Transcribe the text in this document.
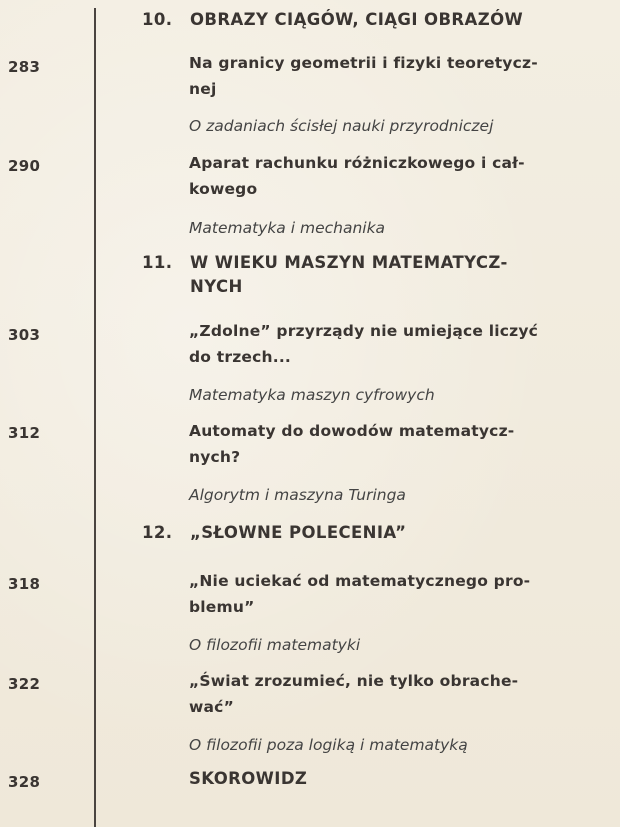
283
290
303
312
318
322
328
10. OBRAZY CIĄGÓW, CIĄGI OBRAZÓW
Na granicy geometrii i fizyki teoretycz-
nej
O zadaniach ścisłej nauki przyrodniczej
Aparat rachunku różniczkowego i cał-
kowego
Matematyka i mechanika
11. W WIEKU MASZYN MATEMATYCZ-
NYCH
„Zdolne” przyrządy nie umiejące liczyć
do trzech...
Matematyka maszyn cyfrowych
Automaty do dowodów matematycz-
nych?
Algorytm i maszyna Turinga
12. „SŁOWNE POLECENIA”
„Nie uciekać od matematycznego pro-
blemu”
O filozofii matematyki
„Świat zrozumieć, nie tylko obrache-
wać”
O filozofii poza logiką i matematyką
SKOROWIDZ
